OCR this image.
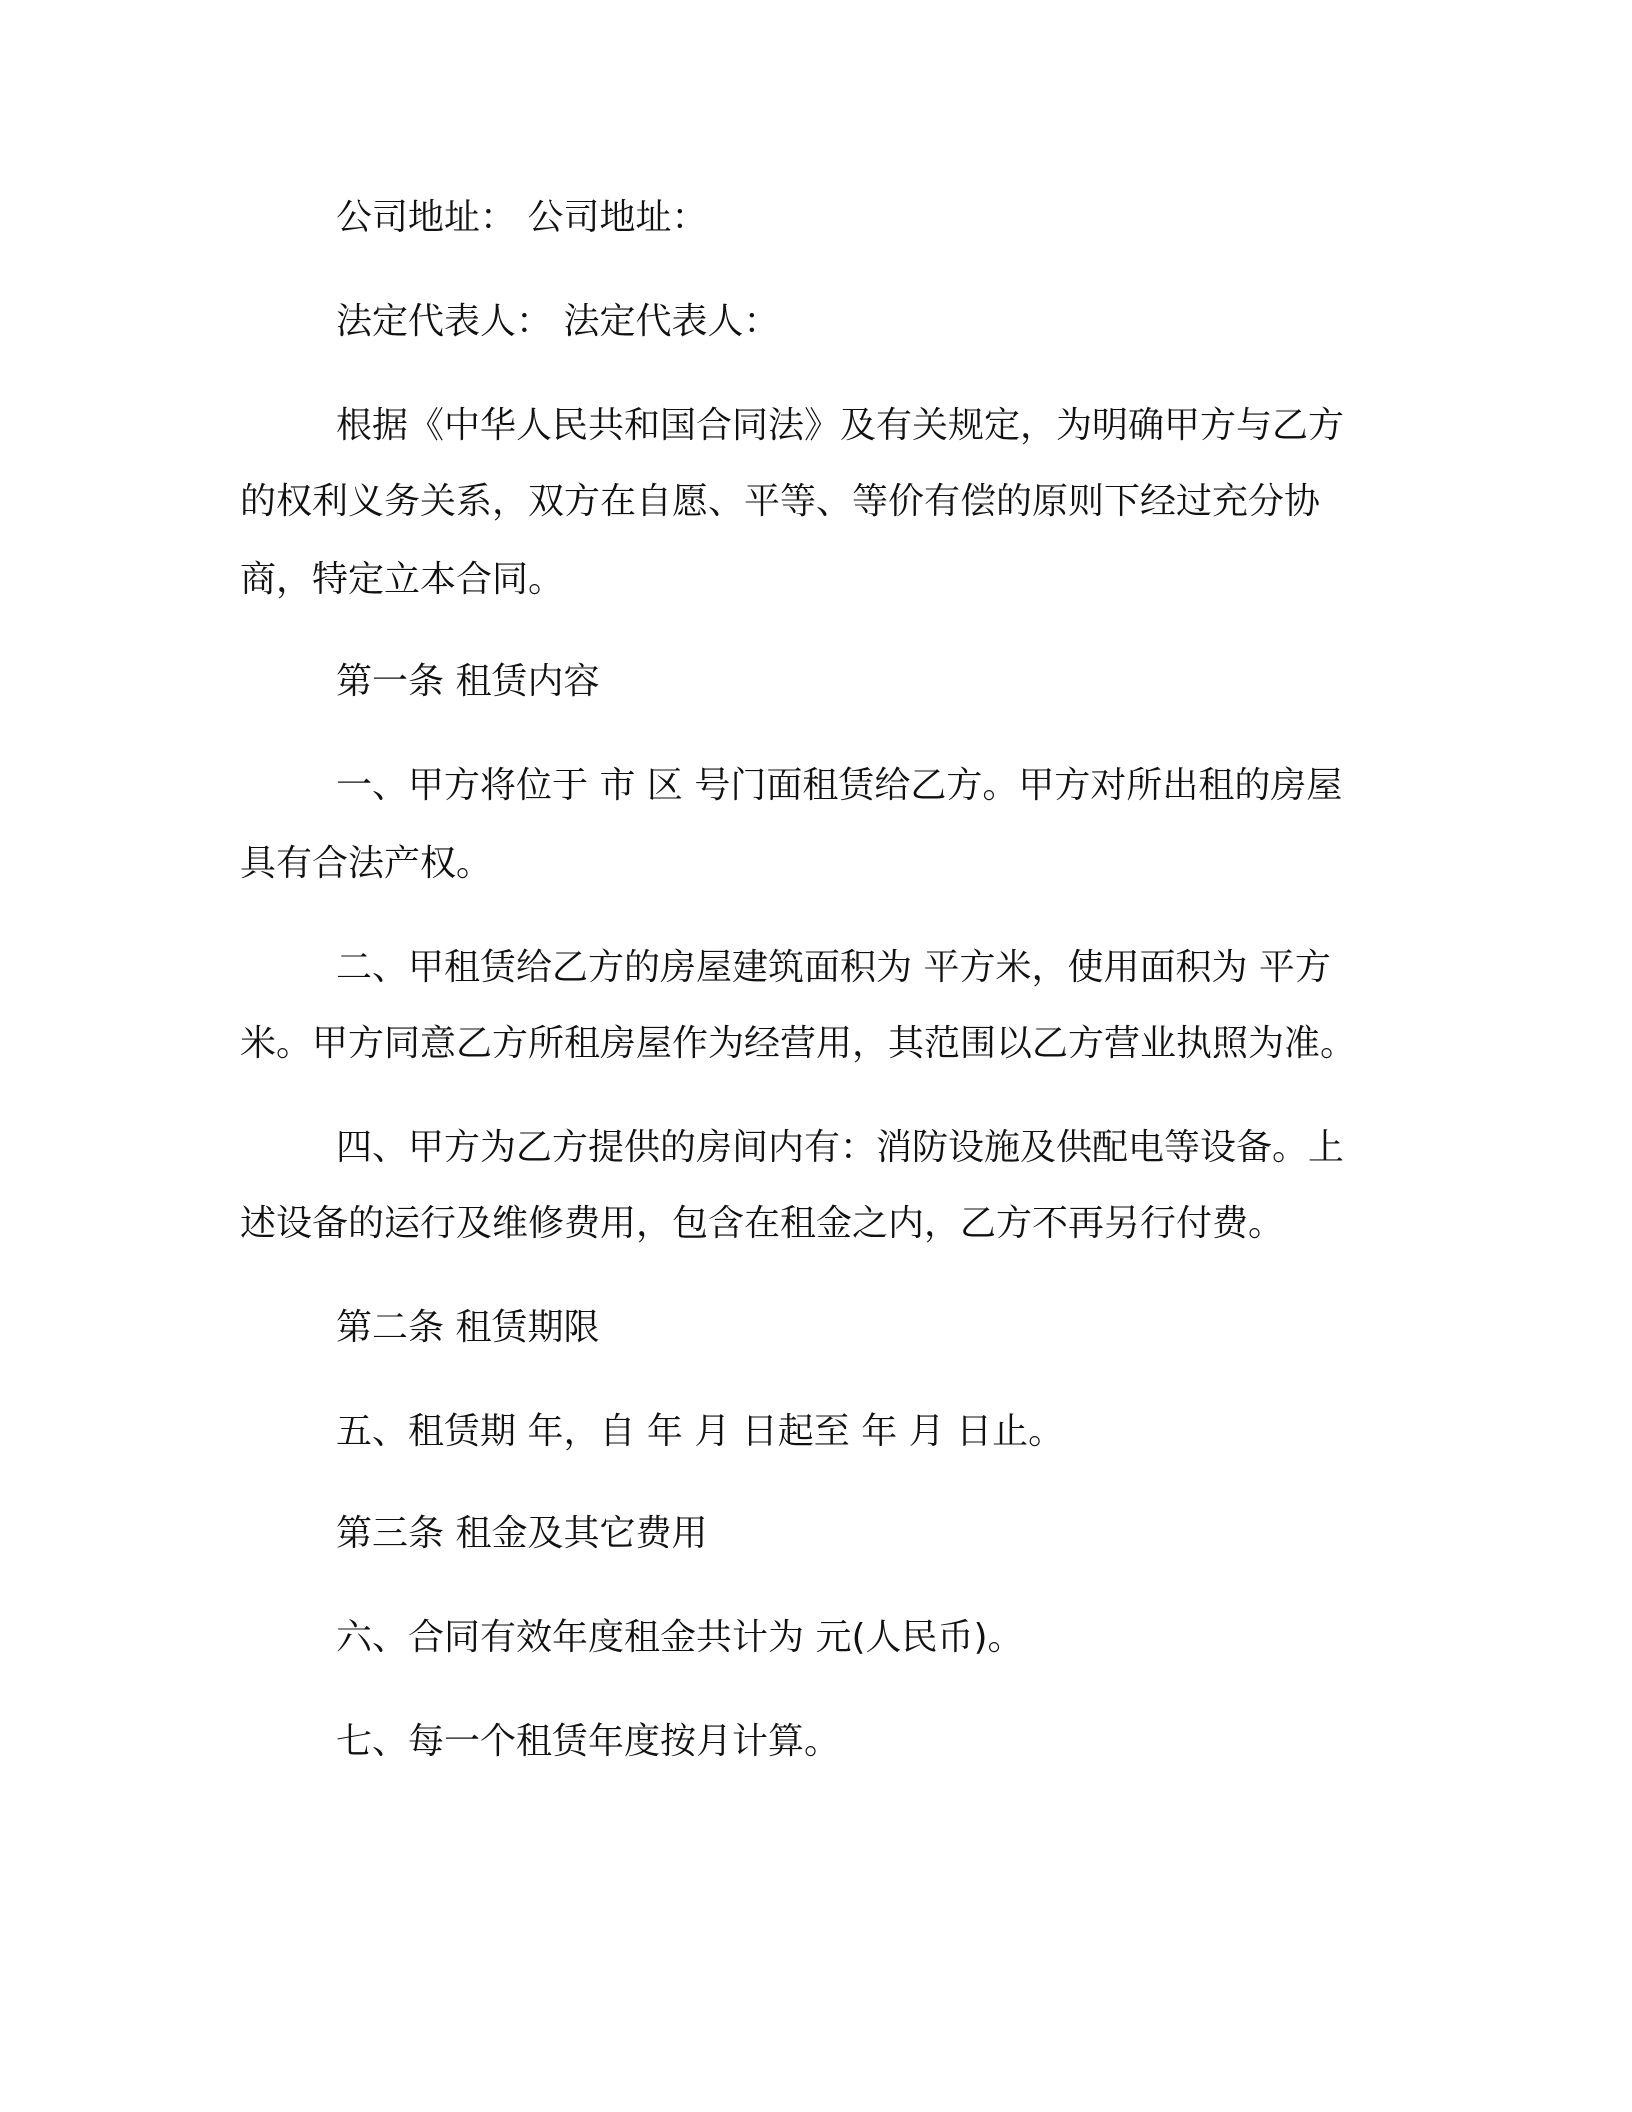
公司地址： 公司地址：
法定代表人： 法定代表人：
根据《中华人民共和国合同法》及有关规定，为明确甲方与乙方
的权利义务关系，双方在自愿、平等、等价有偿的原则下经过充分协
商，特定立本合同。
第一条 租赁内容
一、甲方将位于 市 区 号门面租赁给乙方。甲方对所出租的房屋
具有合法产权。
二、甲租赁给乙方的房屋建筑面积为 平方米，使用面积为 平方
米。甲方同意乙方所租房屋作为经营用，其范围以乙方营业执照为准。
四、甲方为乙方提供的房间内有：消防设施及供配电等设备。上
述设备的运行及维修费用，包含在租金之内，乙方不再另行付费。
第二条 租赁期限
五、租赁期 年，自 年 月 日起至 年 月 日止。
第三条 租金及其它费用
六、合同有效年度租金共计为 元(人民币)。
七、每一个租赁年度按月计算。
